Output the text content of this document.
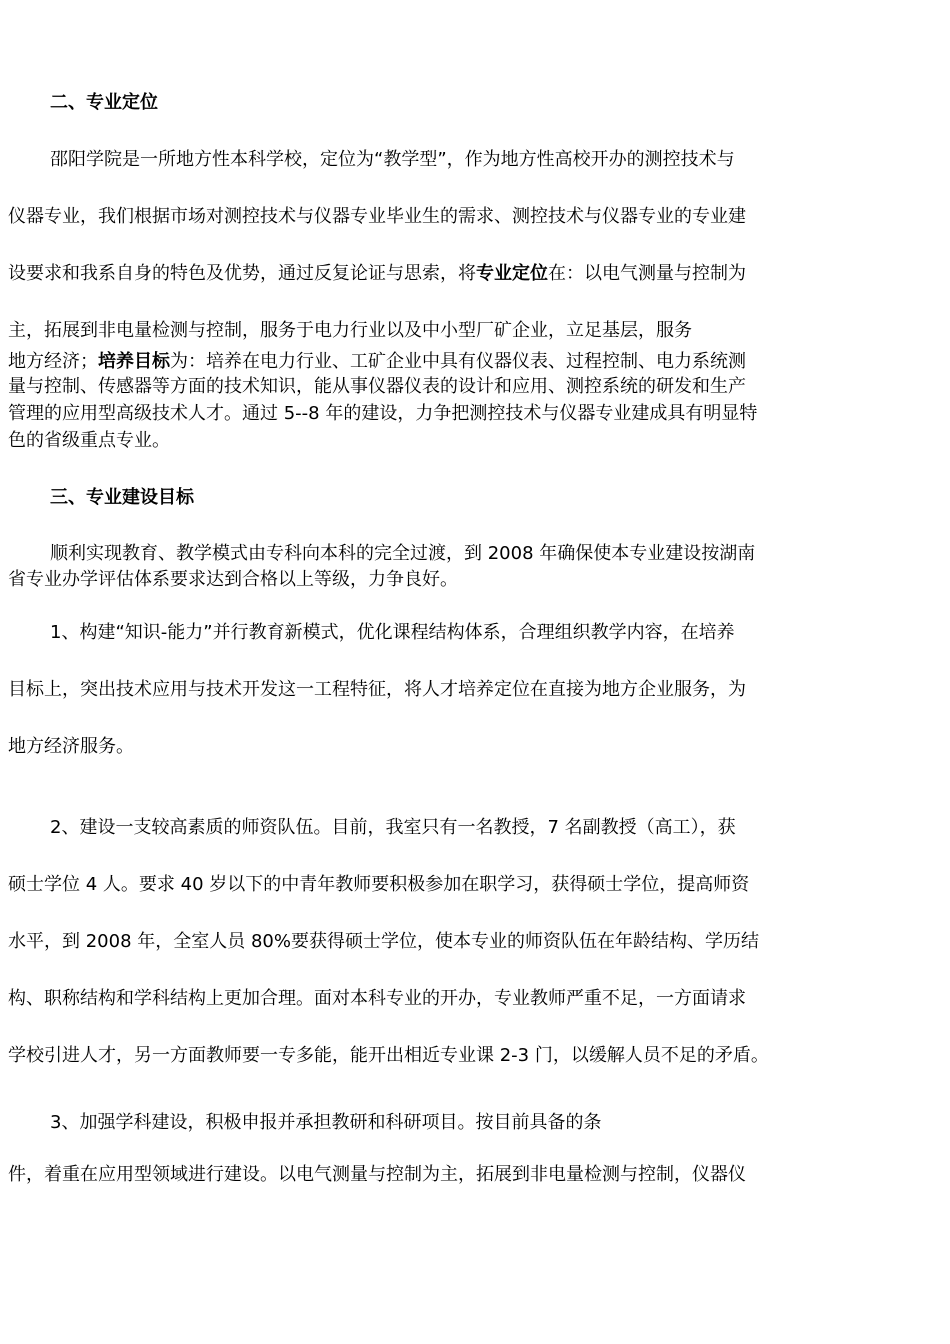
二、专业定位
邵阳学院是一所地方性本科学校，定位为“教学型”，作为地方性高校开办的测控技术与
仪器专业，我们根据市场对测控技术与仪器专业毕业生的需求、测控技术与仪器专业的专业建
设要求和我系自身的特色及优势，通过反复论证与思索，将专业定位在：以电气测量与控制为
主，拓展到非电量检测与控制，服务于电力行业以及中小型厂矿企业，立足基层，服务
地方经济；培养目标为：培养在电力行业、工矿企业中具有仪器仪表、过程控制、电力系统测
量与控制、传感器等方面的技术知识，能从事仪器仪表的设计和应用、测控系统的研发和生产
管理的应用型高级技术人才。通过 5--8 年的建设，力争把测控技术与仪器专业建成具有明显特
色的省级重点专业。
三、专业建设目标
顺利实现教育、教学模式由专科向本科的完全过渡，到 2008 年确保使本专业建设按湖南
省专业办学评估体系要求达到合格以上等级，力争良好。
1、构建“知识-能力”并行教育新模式，优化课程结构体系，合理组织教学内容，在培养
目标上，突出技术应用与技术开发这一工程特征，将人才培养定位在直接为地方企业服务，为
地方经济服务。
2、建设一支较高素质的师资队伍。目前，我室只有一名教授，7 名副教授（高工），获
硕士学位 4 人。要求 40 岁以下的中青年教师要积极参加在职学习，获得硕士学位，提高师资
水平，到 2008 年，全室人员 80%要获得硕士学位，使本专业的师资队伍在年龄结构、学历结
构、职称结构和学科结构上更加合理。面对本科专业的开办，专业教师严重不足，一方面请求
学校引进人才，另一方面教师要一专多能，能开出相近专业课 2-3 门，以缓解人员不足的矛盾。
3、加强学科建设，积极申报并承担教研和科研项目。按目前具备的条
件，着重在应用型领域进行建设。以电气测量与控制为主，拓展到非电量检测与控制，仪器仪
